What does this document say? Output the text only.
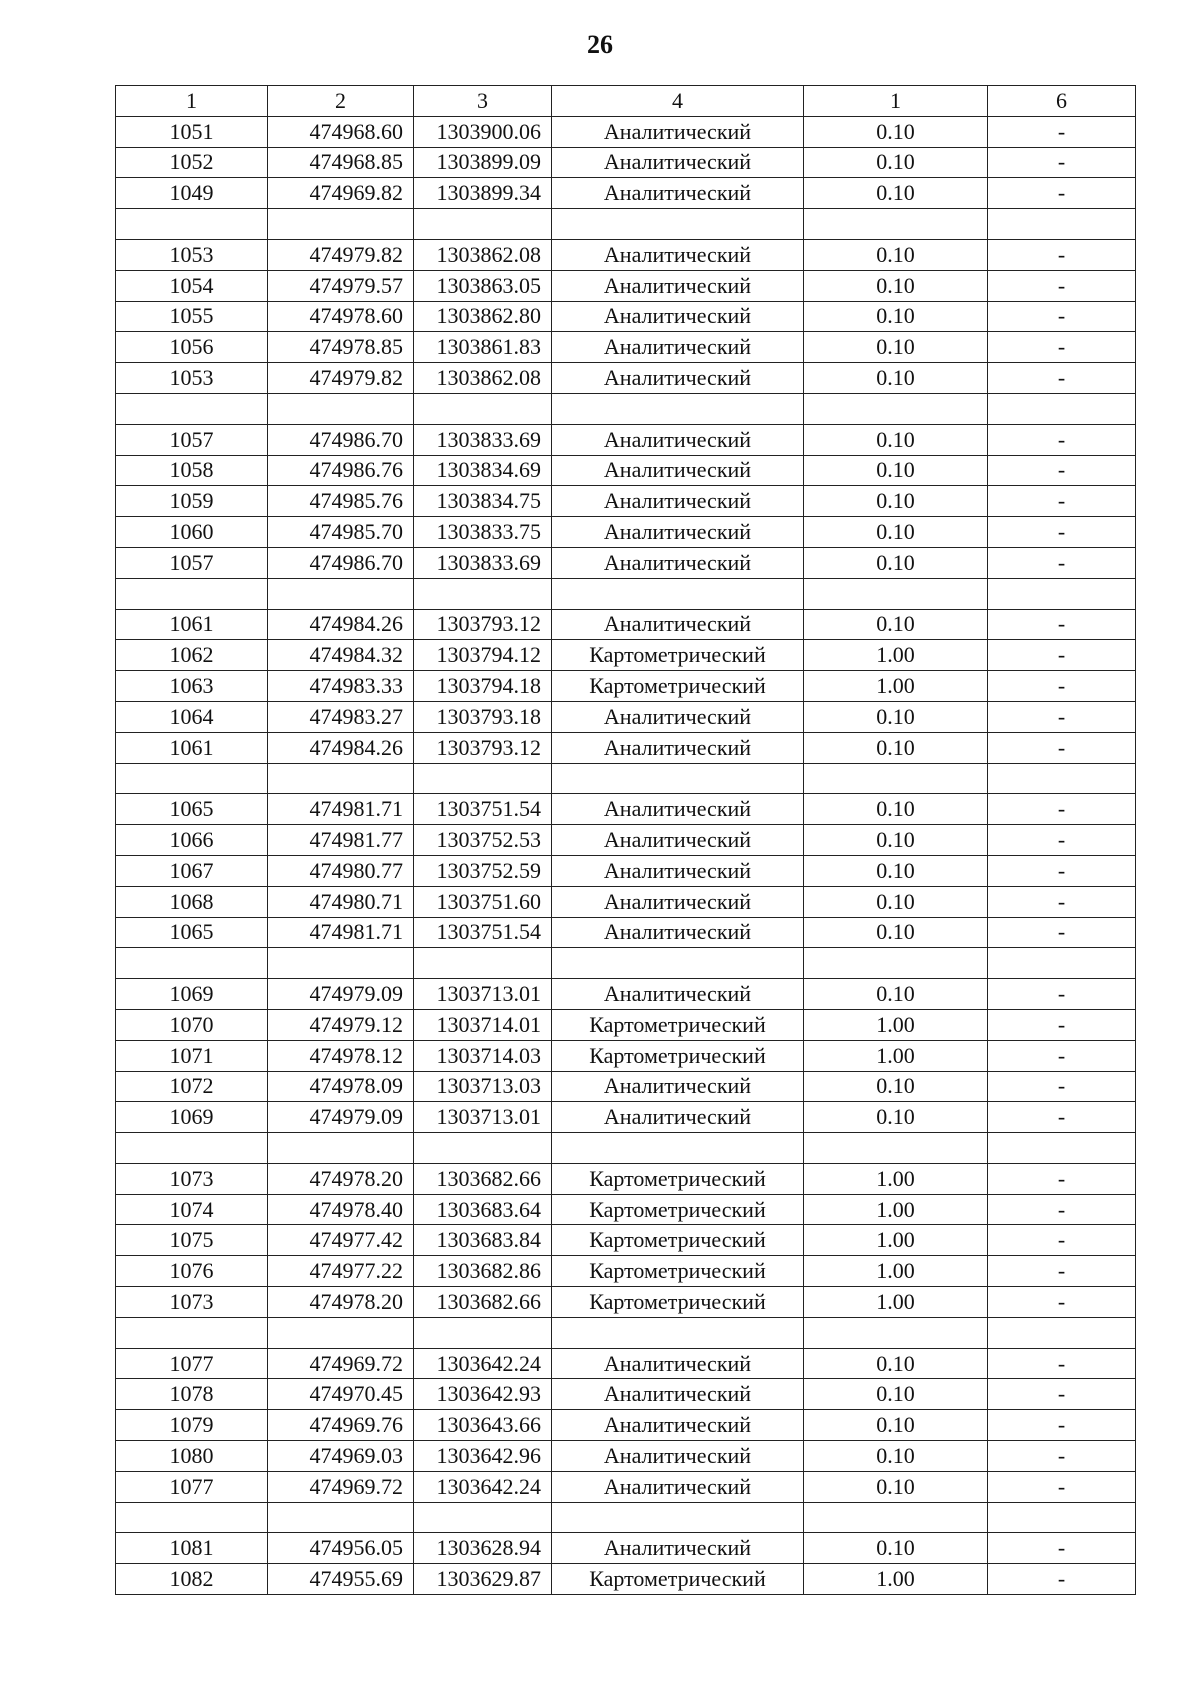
26
1	2	3	4	1	6
1051	474968.60	1303900.06	Аналитический	0.10	-
1052	474968.85	1303899.09	Аналитический	0.10	-
1049	474969.82	1303899.34	Аналитический	0.10	-

1053	474979.82	1303862.08	Аналитический	0.10	-
1054	474979.57	1303863.05	Аналитический	0.10	-
1055	474978.60	1303862.80	Аналитический	0.10	-
1056	474978.85	1303861.83	Аналитический	0.10	-
1053	474979.82	1303862.08	Аналитический	0.10	-

1057	474986.70	1303833.69	Аналитический	0.10	-
1058	474986.76	1303834.69	Аналитический	0.10	-
1059	474985.76	1303834.75	Аналитический	0.10	-
1060	474985.70	1303833.75	Аналитический	0.10	-
1057	474986.70	1303833.69	Аналитический	0.10	-

1061	474984.26	1303793.12	Аналитический	0.10	-
1062	474984.32	1303794.12	Картометрический	1.00	-
1063	474983.33	1303794.18	Картометрический	1.00	-
1064	474983.27	1303793.18	Аналитический	0.10	-
1061	474984.26	1303793.12	Аналитический	0.10	-

1065	474981.71	1303751.54	Аналитический	0.10	-
1066	474981.77	1303752.53	Аналитический	0.10	-
1067	474980.77	1303752.59	Аналитический	0.10	-
1068	474980.71	1303751.60	Аналитический	0.10	-
1065	474981.71	1303751.54	Аналитический	0.10	-

1069	474979.09	1303713.01	Аналитический	0.10	-
1070	474979.12	1303714.01	Картометрический	1.00	-
1071	474978.12	1303714.03	Картометрический	1.00	-
1072	474978.09	1303713.03	Аналитический	0.10	-
1069	474979.09	1303713.01	Аналитический	0.10	-

1073	474978.20	1303682.66	Картометрический	1.00	-
1074	474978.40	1303683.64	Картометрический	1.00	-
1075	474977.42	1303683.84	Картометрический	1.00	-
1076	474977.22	1303682.86	Картометрический	1.00	-
1073	474978.20	1303682.66	Картометрический	1.00	-

1077	474969.72	1303642.24	Аналитический	0.10	-
1078	474970.45	1303642.93	Аналитический	0.10	-
1079	474969.76	1303643.66	Аналитический	0.10	-
1080	474969.03	1303642.96	Аналитический	0.10	-
1077	474969.72	1303642.24	Аналитический	0.10	-

1081	474956.05	1303628.94	Аналитический	0.10	-
1082	474955.69	1303629.87	Картометрический	1.00	-
